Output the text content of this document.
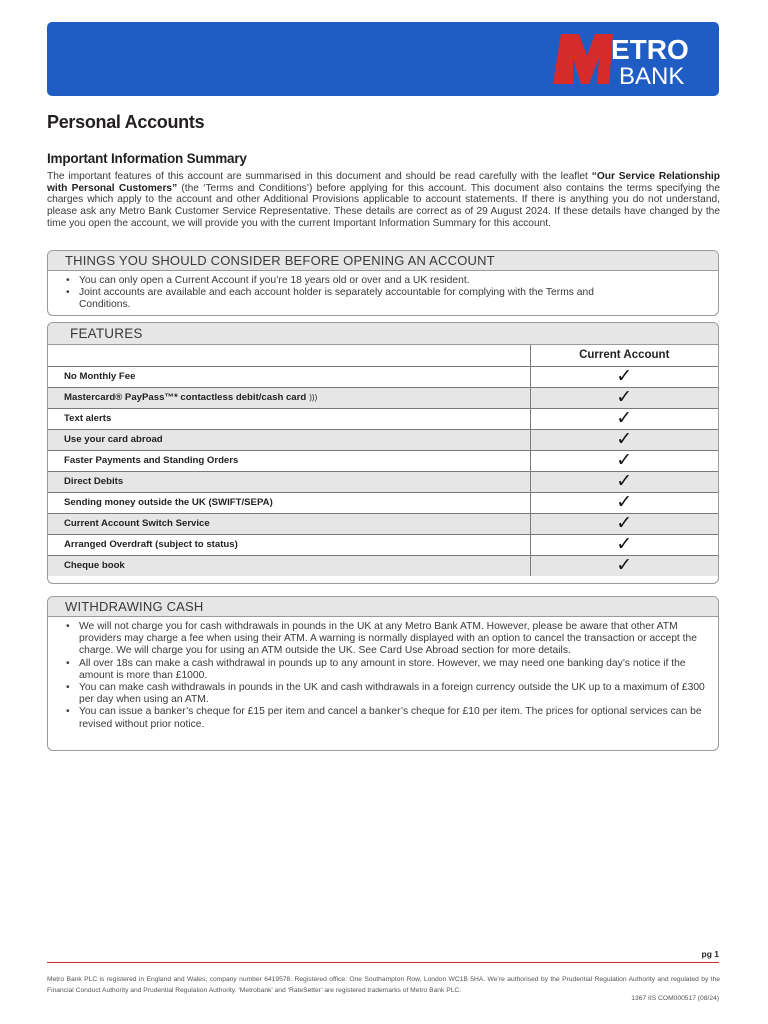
ETRO
BANK
Personal Accounts
Important Information Summary

The important features of this account are summarised in this document and should be read carefully with the leaflet “Our Service Relationship with Personal Customers” (the ‘Terms and Conditions’) before applying for this account. This document also contains the terms specifying the charges which apply to the account and other Additional Provisions applicable to account statements. If there is anything you do not understand, please ask any Metro Bank Customer Service Representative. These details are correct as of 29 August 2024. If these details have changed by the time you open the account, we will provide you with the current Important Information Summary for this account.

THINGS YOU SHOULD CONSIDER BEFORE OPENING AN ACCOUNT
• You can only open a Current Account if you’re 18 years old or over and a UK resident.
• Joint accounts are available and each account holder is separately accountable for complying with the Terms and Conditions.
FEATURES
	Current Account
No Monthly Fee	✓
Mastercard® PayPass™* contactless debit/cash card )))	✓
Text alerts	✓
Use your card abroad	✓
Faster Payments and Standing Orders	✓
Direct Debits	✓
Sending money outside the UK (SWIFT/SEPA)	✓
Current Account Switch Service	✓
Arranged Overdraft (subject to status)	✓
Cheque book	✓
WITHDRAWING CASH
• We will not charge you for cash withdrawals in pounds in the UK at any Metro Bank ATM. However, please be aware that other ATM providers may charge a fee when using their ATM. A warning is normally displayed with an option to cancel the transaction or accept the charge. We will charge you for using an ATM outside the UK. See Card Use Abroad section for more details.
• All over 18s can make a cash withdrawal in pounds up to any amount in store. However, we may need one banking day’s notice if the amount is more than £1000.
• You can make cash withdrawals in pounds in the UK and cash withdrawals in a foreign currency outside the UK up to a maximum of £300 per day when using an ATM.
• You can issue a banker’s cheque for £15 per item and cancel a banker’s cheque for £10 per item. The prices for optional services can be revised without prior notice.
pg 1

Metro Bank PLC is registered in England and Wales, company number 6419578. Registered office: One Southampton Row, London WC1B 5HA. We’re authorised by the Prudential Regulation Authority and regulated by the Financial Conduct Authority and Prudential Regulation Authority. ‘Metrobank’ and ‘RateSetter’ are registered trademarks of Metro Bank PLC.

1367 IIS COM000517 (08/24)
